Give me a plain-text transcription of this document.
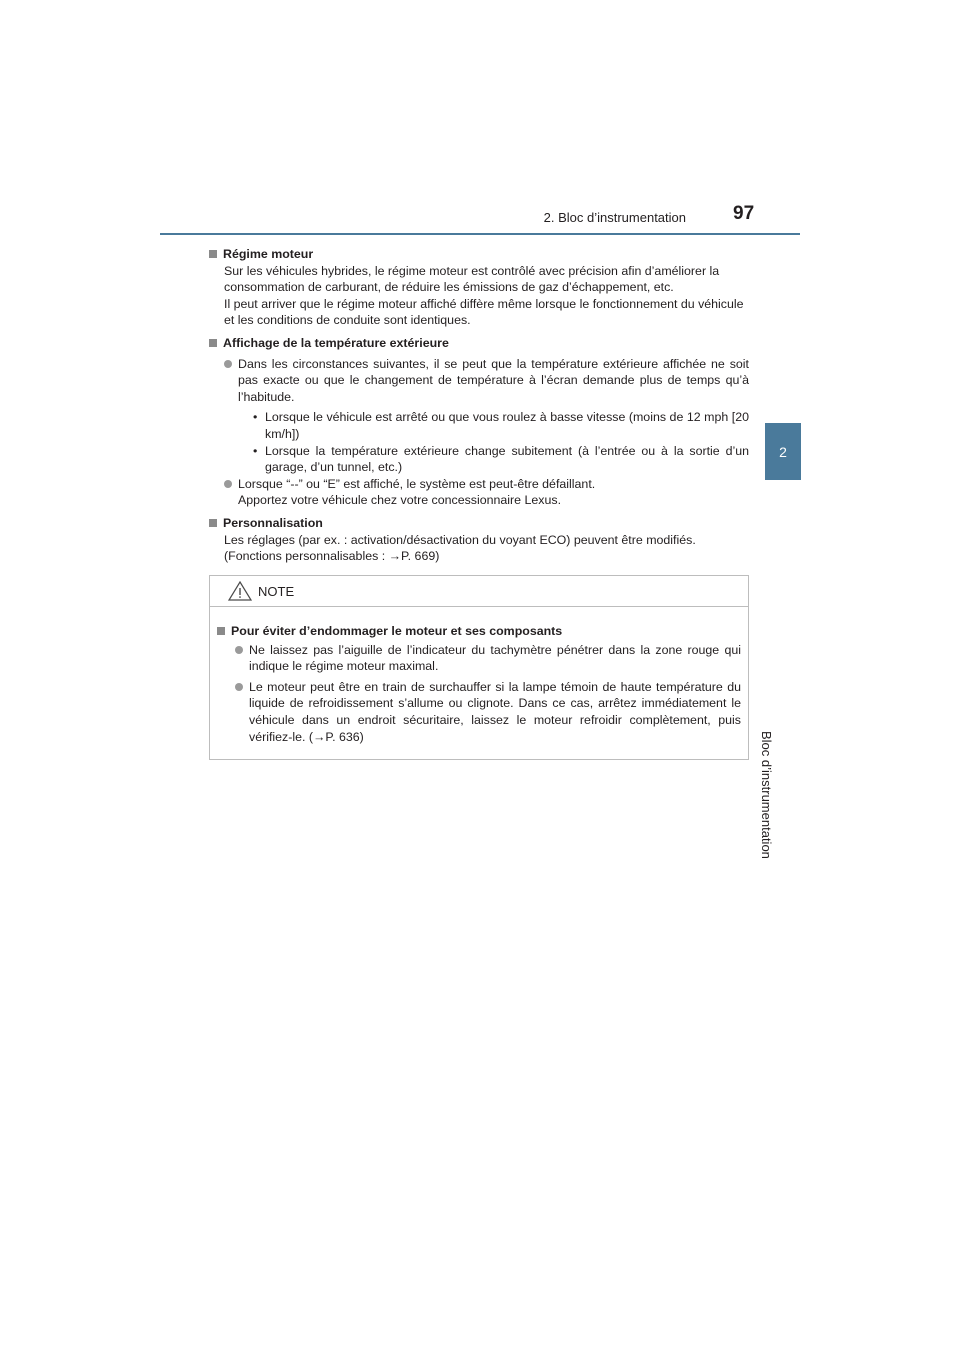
2. Bloc d’instrumentation 97
2
Bloc d’instrumentation
Régime moteur
Sur les véhicules hybrides, le régime moteur est contrôlé avec précision afin d’améliorer la consommation de carburant, de réduire les émissions de gaz d’échappement, etc.
Il peut arriver que le régime moteur affiché diffère même lorsque le fonctionnement du véhicule et les conditions de conduite sont identiques.
Affichage de la température extérieure
Dans les circonstances suivantes, il se peut que la température extérieure affichée ne soit pas exacte ou que le changement de température à l’écran demande plus de temps qu’à l’habitude.
• Lorsque le véhicule est arrêté ou que vous roulez à basse vitesse (moins de 12 mph [20 km/h])
• Lorsque la température extérieure change subitement (à l’entrée ou à la sortie d’un garage, d’un tunnel, etc.)
Lorsque “--” ou “E” est affiché, le système est peut-être défaillant.
Apportez votre véhicule chez votre concessionnaire Lexus.
Personnalisation
Les réglages (par ex. : activation/désactivation du voyant ECO) peuvent être modifiés.
(Fonctions personnalisables : →P. 669)
NOTE
Pour éviter d’endommager le moteur et ses composants
Ne laissez pas l’aiguille de l’indicateur du tachymètre pénétrer dans la zone rouge qui indique le régime moteur maximal.
Le moteur peut être en train de surchauffer si la lampe témoin de haute température du liquide de refroidissement s’allume ou clignote. Dans ce cas, arrêtez immédiatement le véhicule dans un endroit sécuritaire, laissez le moteur refroidir complètement, puis vérifiez-le. (→P. 636)
